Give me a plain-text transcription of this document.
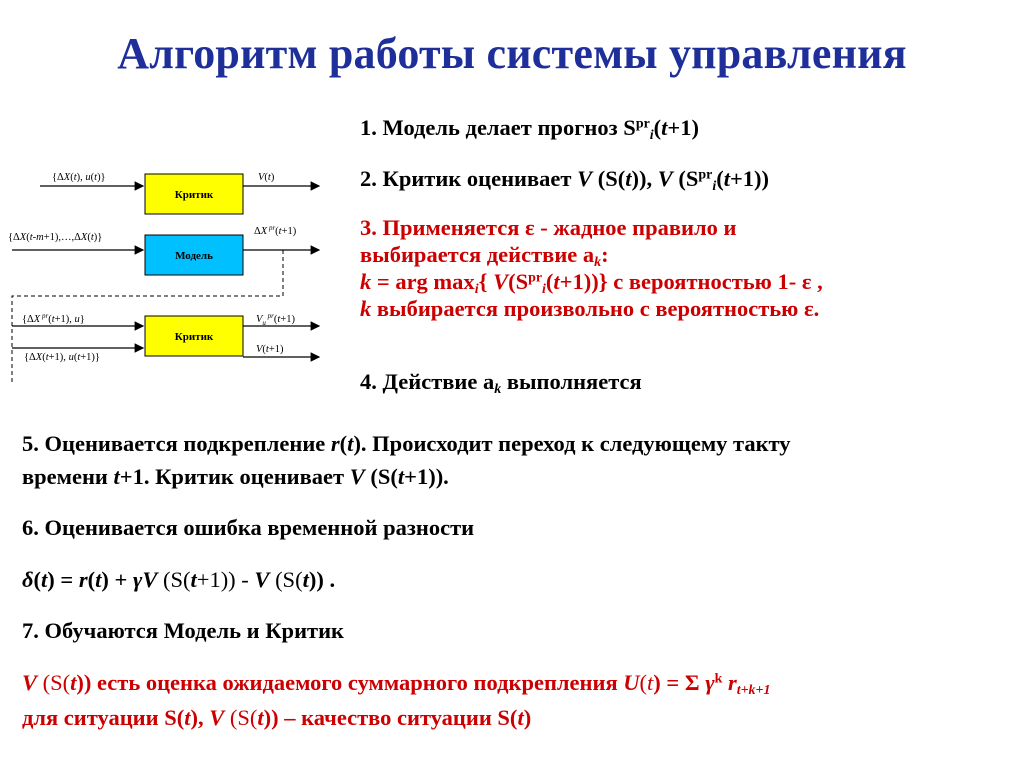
Алгоритм работы системы управления
Критик
{ΔX(t), u(t)}	V(t)
Модель
{ΔX(t-m+1),…,ΔX(t)}
ΔX $^{pr}$(t+1)
Критик
{ΔX $^{pr}$(t+1), u}	$V_u$ $^{pr}$(t+1)
{ΔX(t+1), u(t+1)}
V(t+1)
1. Модель делает прогноз $S^{pr}_i(t+1)$
2. Критик оценивает V (S(t)), V $(S^{pr}_i(t+1))$
3. Применяется ε - жадное правило и
выбирается действие $a_k$:
k = arg $\max_i${ $V(S^{pr}_i(t+1))$} с вероятностью 1- ε ,
k выбирается произвольно с вероятностью ε.
4. Действие $a_k$ выполняется
5. Оценивается подкрепление r(t). Происходит переход к следующему такту
времени t+1. Критик оценивает V (S(t+1)).
6. Оценивается ошибка временной разности
δ(t) = r(t) + γV (S(t+1)) - V (S(t)) .
7. Обучаются Модель и Критик
V (S(t)) есть оценка ожидаемого суммарного подкрепления U(t) = Σ $\gamma^k$ $r_{t+k+1}$
для ситуации S(t), V (S(t)) – качество ситуации S(t)
